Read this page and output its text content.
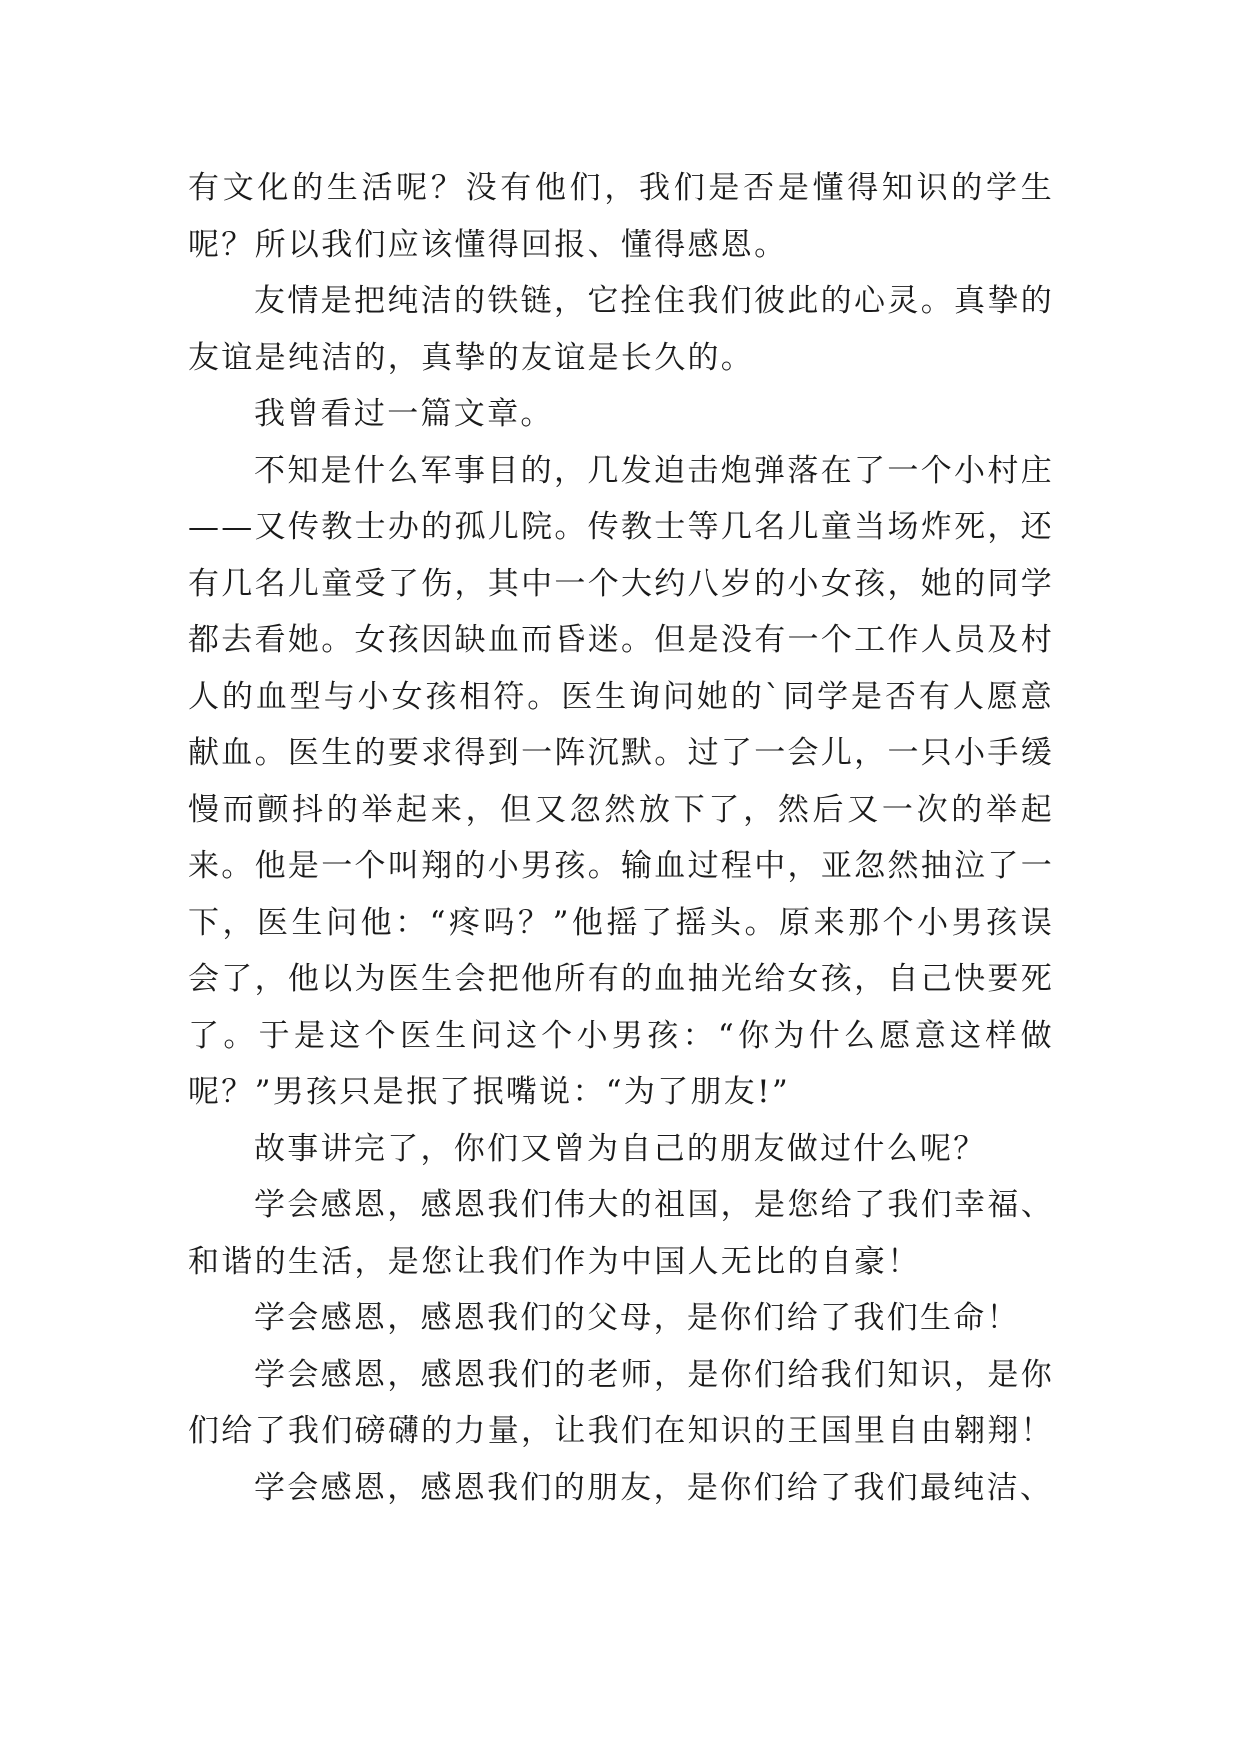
有文化的生活呢？没有他们，我们是否是懂得知识的学生呢？所以我们应该懂得回报、懂得感恩。

友情是把纯洁的铁链，它拴住我们彼此的心灵。真挚的友谊是纯洁的，真挚的友谊是长久的。

我曾看过一篇文章。

不知是什么军事目的，几发迫击炮弹落在了一个小村庄——又传教士办的孤儿院。传教士等几名儿童当场炸死，还有几名儿童受了伤，其中一个大约八岁的小女孩，她的同学都去看她。女孩因缺血而昏迷。但是没有一个工作人员及村人的血型与小女孩相符。医生询问她的`同学是否有人愿意献血。医生的要求得到一阵沉默。过了一会儿，一只小手缓慢而颤抖的举起来，但又忽然放下了，然后又一次的举起来。他是一个叫翔的小男孩。输血过程中，亚忽然抽泣了一下，医生问他：“疼吗？”他摇了摇头。原来那个小男孩误会了，他以为医生会把他所有的血抽光给女孩，自己快要死了。于是这个医生问这个小男孩：“你为什么愿意这样做呢？”男孩只是抿了抿嘴说：“为了朋友!”

故事讲完了，你们又曾为自己的朋友做过什么呢？

学会感恩，感恩我们伟大的祖国，是您给了我们幸福、和谐的生活，是您让我们作为中国人无比的自豪！

学会感恩，感恩我们的父母，是你们给了我们生命！

学会感恩，感恩我们的老师，是你们给我们知识，是你们给了我们磅礴的力量，让我们在知识的王国里自由翱翔！

学会感恩，感恩我们的朋友，是你们给了我们最纯洁、
